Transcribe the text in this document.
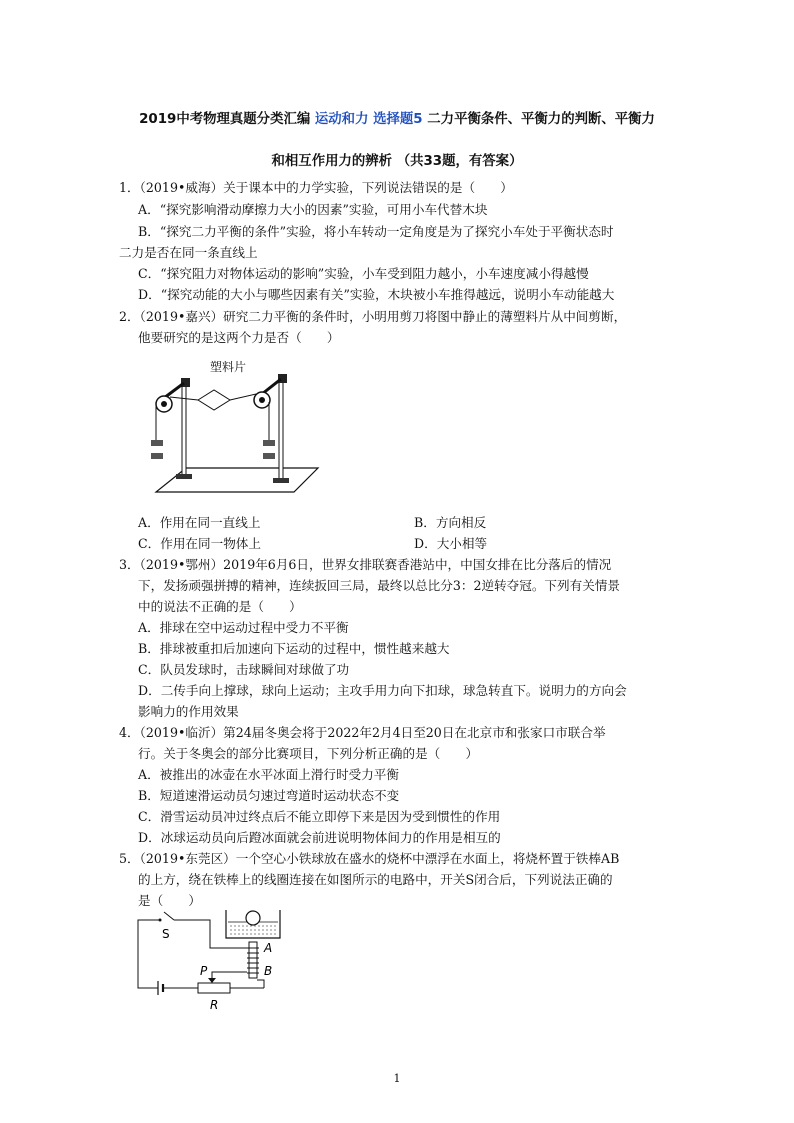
2019中考物理真题分类汇编 运动和力 选择题5 二力平衡条件、平衡力的判断、平衡力
和相互作用力的辨析 （共33题，有答案）
1．（2019•威海）关于课本中的力学实验，下列说法错误的是（　　）
A．“探究影响滑动摩擦力大小的因素”实验，可用小车代替木块
B．“探究二力平衡的条件”实验，将小车转动一定角度是为了探究小车处于平衡状态时
二力是否在同一条直线上
C．“探究阻力对物体运动的影响”实验，小车受到阻力越小，小车速度减小得越慢
D．“探究动能的大小与哪些因素有关”实验，木块被小车推得越远，说明小车动能越大
2．（2019•嘉兴）研究二力平衡的条件时，小明用剪刀将图中静止的薄塑料片从中间剪断，
他要研究的是这两个力是否（　　）
塑料片
A．作用在同一直线上	B．方向相反
C．作用在同一物体上	D．大小相等
3．（2019•鄂州）2019年6月6日，世界女排联赛香港站中，中国女排在比分落后的情况
下，发扬顽强拼搏的精神，连续扳回三局，最终以总比分3：2逆转夺冠。下列有关情景
中的说法不正确的是（　　）
A．排球在空中运动过程中受力不平衡
B．排球被重扣后加速向下运动的过程中，惯性越来越大
C．队员发球时，击球瞬间对球做了功
D．二传手向上撑球，球向上运动；主攻手用力向下扣球，球急转直下。说明力的方向会
影响力的作用效果
4．（2019•临沂）第24届冬奥会将于2022年2月4日至20日在北京市和张家口市联合举
行。关于冬奥会的部分比赛项目，下列分析正确的是（　　）
A．被推出的冰壶在水平冰面上滑行时受力平衡
B．短道速滑运动员匀速过弯道时运动状态不变
C．滑雪运动员冲过终点后不能立即停下来是因为受到惯性的作用
D．冰球运动员向后蹬冰面就会前进说明物体间力的作用是相互的
5．（2019•东莞区）一个空心小铁球放在盛水的烧杯中漂浮在水面上，将烧杯置于铁棒AB
的上方，绕在铁棒上的线圈连接在如图所示的电路中，开关S闭合后，下列说法正确的
是（　　）
A
B
P
R
S
1
